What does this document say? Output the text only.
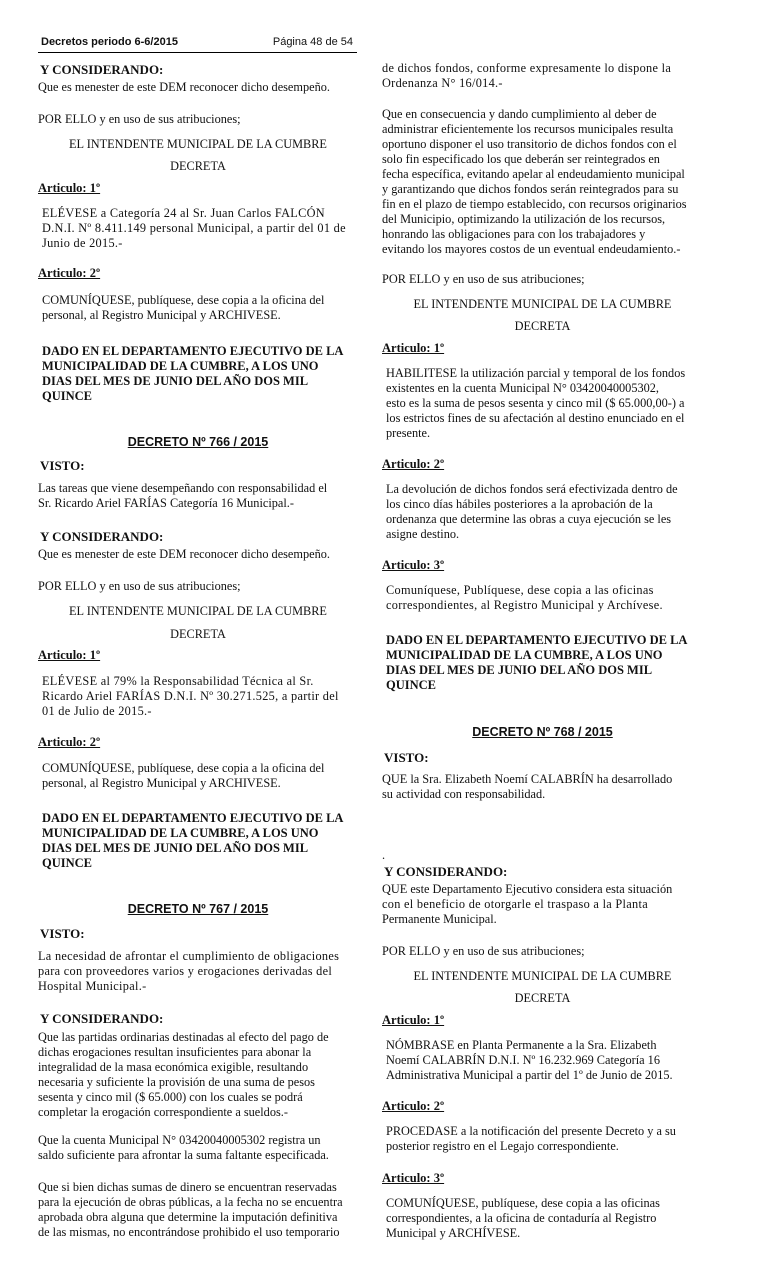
Decretos periodo 6-6/2015	Página 48 de 54
Y CONSIDERANDO:
Que es menester de este DEM reconocer dicho desempeño.
POR ELLO y en uso de sus atribuciones;
EL INTENDENTE MUNICIPAL DE LA CUMBRE
DECRETA
Articulo: 1º
ELÉVESE a Categoría 24 al Sr. Juan Carlos FALCÓN
D.N.I. Nº 8.411.149 personal Municipal, a partir del 01 de
Junio de 2015.-
Articulo: 2º
COMUNÍQUESE, publíquese, dese copia a la oficina del
personal, al Registro Municipal y ARCHIVESE.
DADO EN EL DEPARTAMENTO EJECUTIVO DE LA
MUNICIPALIDAD DE LA CUMBRE, A LOS UNO
DIAS DEL MES DE JUNIO DEL AÑO DOS MIL
QUINCE
DECRETO Nº 766 / 2015
VISTO:
Las tareas que viene desempeñando con responsabilidad el
Sr. Ricardo Ariel FARÍAS Categoría 16 Municipal.-
Y CONSIDERANDO:
Que es menester de este DEM reconocer dicho desempeño.
POR ELLO y en uso de sus atribuciones;
EL INTENDENTE MUNICIPAL DE LA CUMBRE
DECRETA
Articulo: 1º
ELÉVESE al 79% la Responsabilidad Técnica al Sr.
Ricardo Ariel FARÍAS D.N.I. Nº 30.271.525, a partir del
01 de Julio de 2015.-
Articulo: 2º
COMUNÍQUESE, publíquese, dese copia a la oficina del
personal, al Registro Municipal y ARCHIVESE.
DADO EN EL DEPARTAMENTO EJECUTIVO DE LA
MUNICIPALIDAD DE LA CUMBRE, A LOS UNO
DIAS DEL MES DE JUNIO DEL AÑO DOS MIL
QUINCE
DECRETO Nº 767 / 2015
VISTO:
La necesidad de afrontar el cumplimiento de obligaciones
para con proveedores varios y erogaciones derivadas del
Hospital Municipal.-
Y CONSIDERANDO:
Que las partidas ordinarias destinadas al efecto del pago de
dichas erogaciones resultan insuficientes para abonar la
integralidad de la masa económica exigible, resultando
necesaria y suficiente la provisión de una suma de pesos
sesenta y cinco mil ($ 65.000) con los cuales se podrá
completar la erogación correspondiente a sueldos.-
Que la cuenta Municipal N° 03420040005302 registra un
saldo suficiente para afrontar la suma faltante especificada.
Que si bien dichas sumas de dinero se encuentran reservadas
para la ejecución de obras públicas, a la fecha no se encuentra
aprobada obra alguna que determine la imputación definitiva
de las mismas, no encontrándose prohibido el uso temporario
de dichos fondos, conforme expresamente lo dispone la
Ordenanza N° 16/014.-
Que en consecuencia y dando cumplimiento al deber de
administrar eficientemente los recursos municipales resulta
oportuno disponer el uso transitorio de dichos fondos con el
solo fin especificado los que deberán ser reintegrados en
fecha específica, evitando apelar al endeudamiento municipal
y garantizando que dichos fondos serán reintegrados para su
fin en el plazo de tiempo establecido, con recursos originarios
del Municipio, optimizando la utilización de los recursos,
honrando las obligaciones para con los trabajadores y
evitando los mayores costos de un eventual endeudamiento.-
POR ELLO y en uso de sus atribuciones;
EL INTENDENTE MUNICIPAL DE LA CUMBRE
DECRETA
Articulo: 1º
HABILITESE la utilización parcial y temporal de los fondos
existentes en la cuenta Municipal N° 03420040005302,
esto es la suma de pesos sesenta y cinco mil ($ 65.000,00-) a
los estrictos fines de su afectación al destino enunciado en el
presente.
Articulo: 2º
La devolución de dichos fondos será efectivizada dentro de
los cinco días hábiles posteriores a la aprobación de la
ordenanza que determine las obras a cuya ejecución se les
asigne destino.
Articulo: 3º
Comuníquese, Publíquese, dese copia a las oficinas
correspondientes, al Registro Municipal y Archívese.
DADO EN EL DEPARTAMENTO EJECUTIVO DE LA
MUNICIPALIDAD DE LA CUMBRE, A LOS UNO
DIAS DEL MES DE JUNIO DEL AÑO DOS MIL
QUINCE
DECRETO Nº 768 / 2015
VISTO:
QUE la Sra. Elizabeth Noemí CALABRÍN ha desarrollado
su actividad con responsabilidad.
.
Y CONSIDERANDO:
QUE este Departamento Ejecutivo considera esta situación
con el beneficio de otorgarle el traspaso a la Planta
Permanente Municipal.
POR ELLO y en uso de sus atribuciones;
EL INTENDENTE MUNICIPAL DE LA CUMBRE
DECRETA
Articulo: 1º
NÓMBRASE en Planta Permanente a la Sra. Elizabeth
Noemí CALABRÍN D.N.I. Nº 16.232.969 Categoría 16
Administrativa Municipal a partir del 1º de Junio de 2015.
Articulo: 2º
PROCEDASE a la notificación del presente Decreto y a su
posterior registro en el Legajo correspondiente.
Articulo: 3º
COMUNÍQUESE, publíquese, dese copia a las oficinas
correspondientes, a la oficina de contaduría al Registro
Municipal y ARCHÍVESE.
